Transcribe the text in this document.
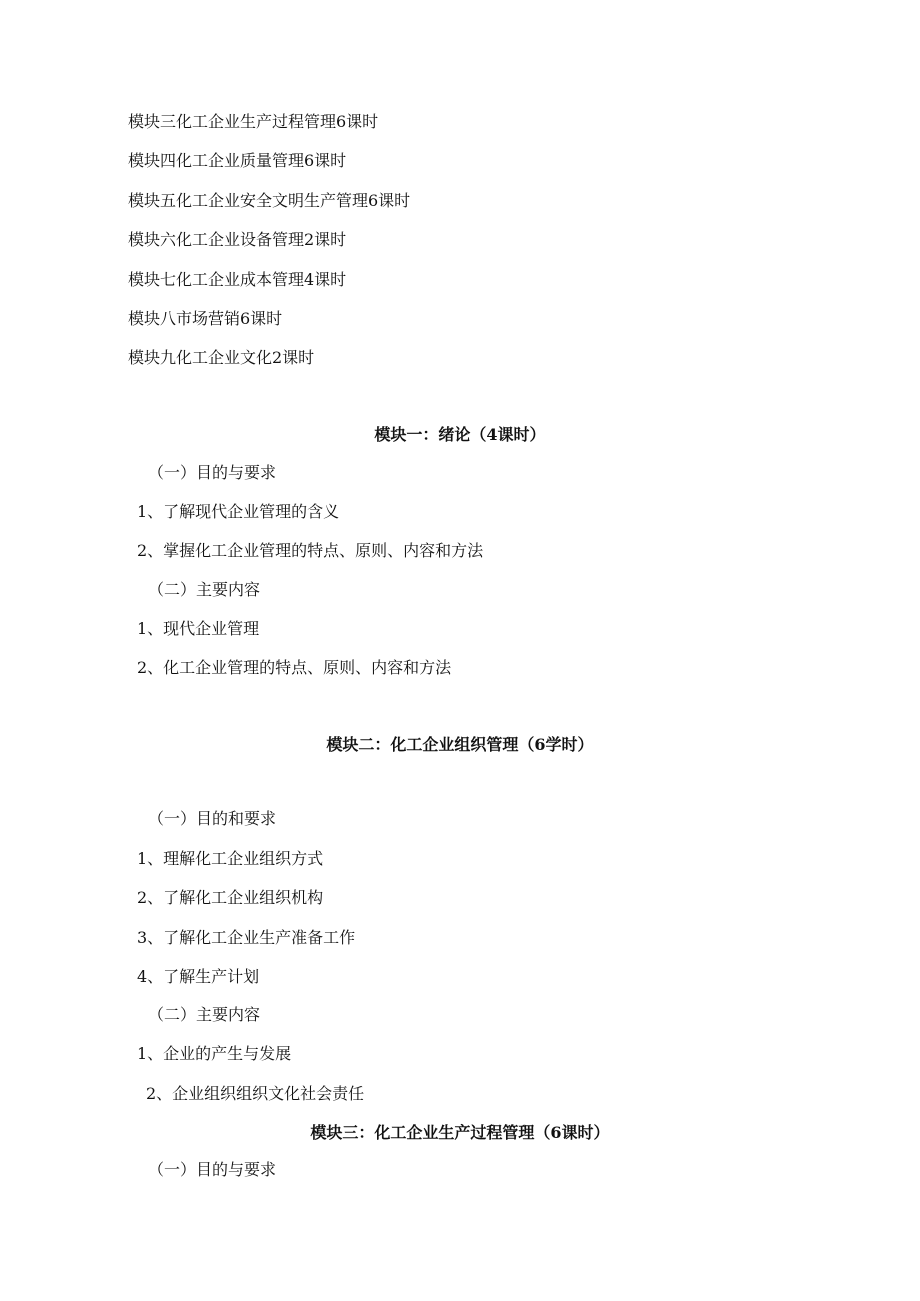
模块三化工企业生产过程管理6课时
模块四化工企业质量管理6课时
模块五化工企业安全文明生产管理6课时
模块六化工企业设备管理2课时
模块七化工企业成本管理4课时
模块八市场营销6课时
模块九化工企业文化2课时
模块一：绪论（4课时）
（一）目的与要求
1、了解现代企业管理的含义
2、掌握化工企业管理的特点、原则、内容和方法
（二）主要内容
1、现代企业管理
2、化工企业管理的特点、原则、内容和方法
模块二：化工企业组织管理（6学时）
（一）目的和要求
1、理解化工企业组织方式
2、了解化工企业组织机构
3、了解化工企业生产准备工作
4、了解生产计划
（二）主要内容
1、企业的产生与发展
2、企业组织组织文化社会责任
模块三：化工企业生产过程管理（6课时）
（一）目的与要求
